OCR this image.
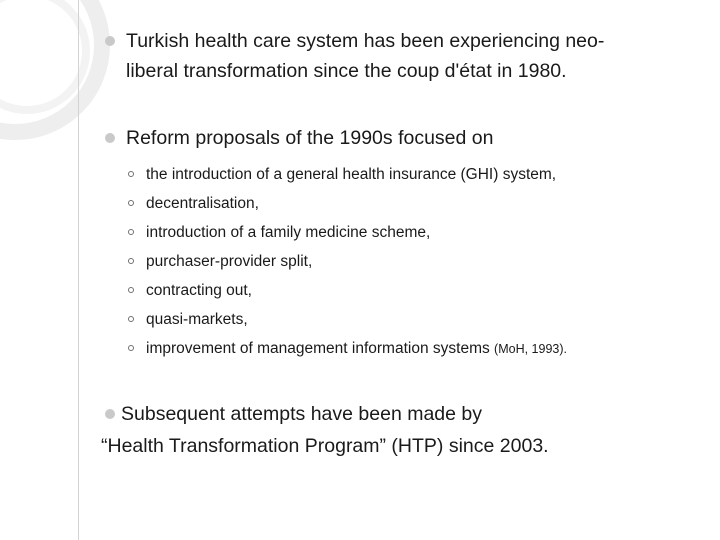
Turkish health care system has been experiencing neo-

liberal transformation since the coup d'état in 1980.

Reform proposals of the 1990s focused on

the introduction of a general health insurance (GHI) system,
decentralisation,
introduction of a family medicine scheme,
purchaser-provider split,
contracting out,
quasi-markets,
improvement of management information systems (MoH, 1993).

Subsequent attempts have been made by

“Health Transformation Program” (HTP) since 2003.
